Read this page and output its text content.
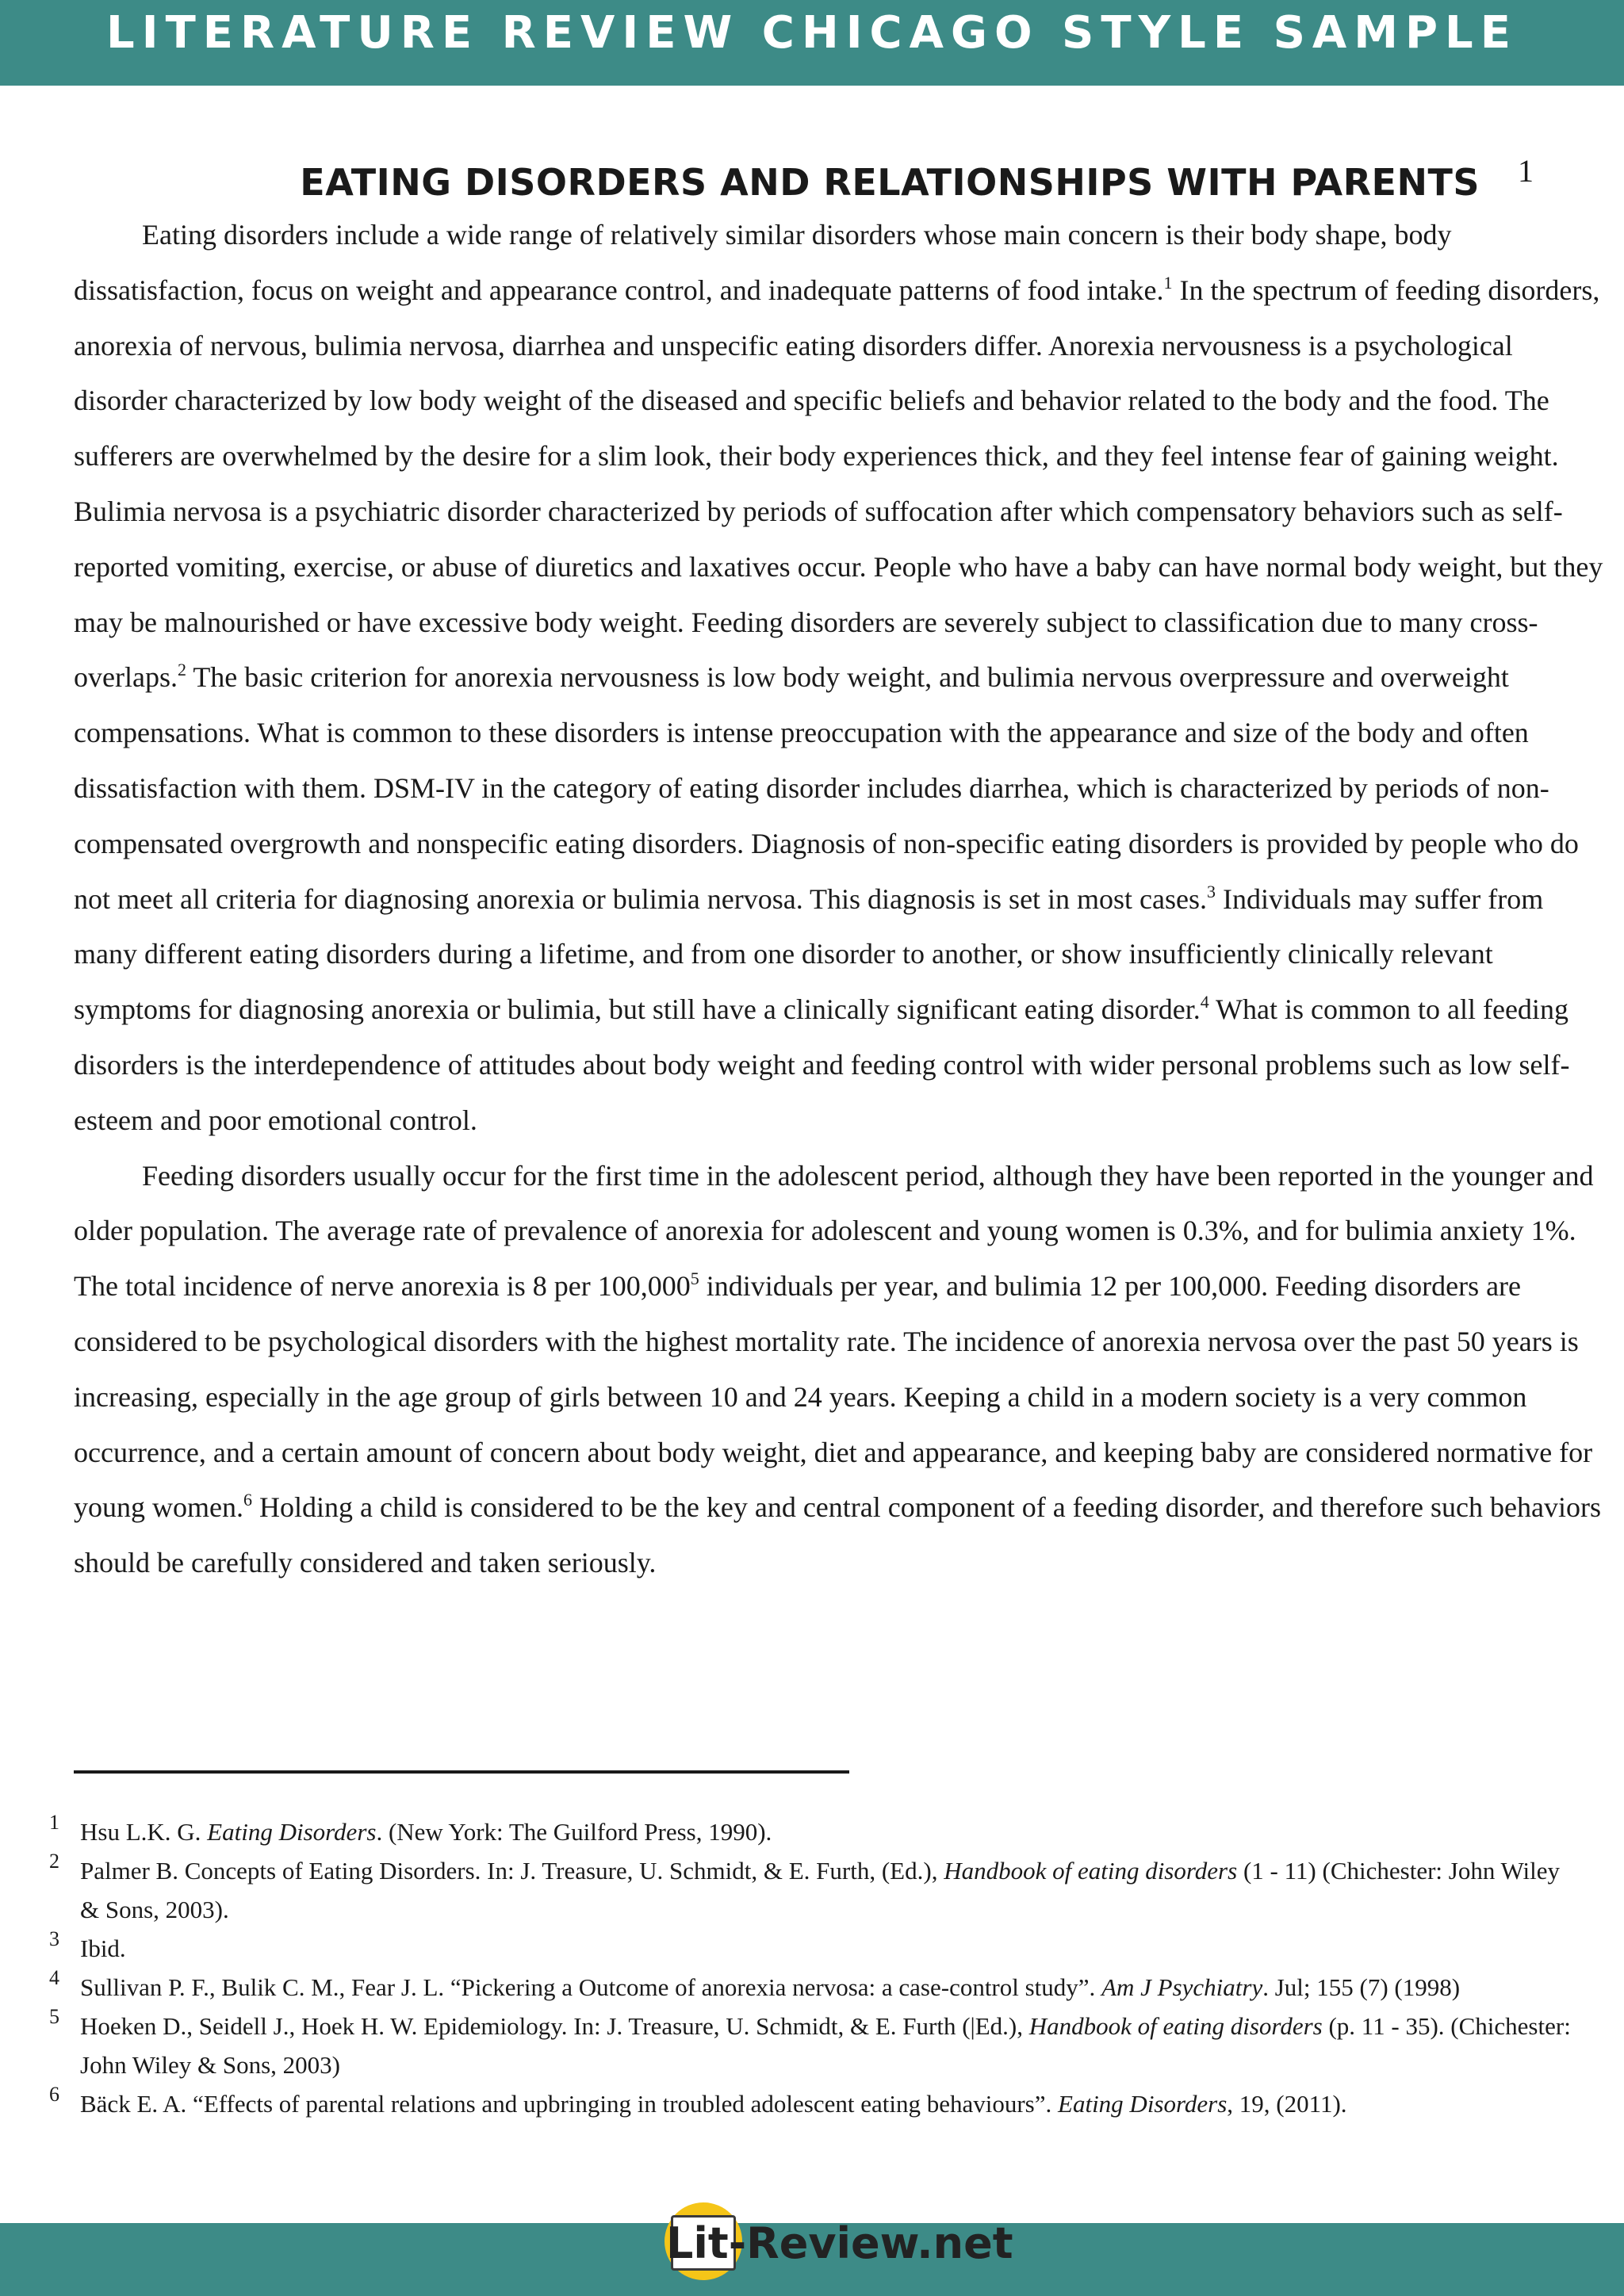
LITERATURE REVIEW CHICAGO STYLE SAMPLE
EATING DISORDERS AND RELATIONSHIPS WITH PARENTS 1

Eating disorders include a wide range of relatively similar disorders whose main concern is their body shape, body dissatisfaction, focus on weight and appearance control, and inadequate patterns of food intake.$^1$ In the spectrum of feeding disorders, anorexia of nervous, bulimia nervosa, diarrhea and unspecific eating disorders differ. Anorexia nervousness is a psychological disorder characterized by low body weight of the diseased and specific beliefs and behavior related to the body and the food. The sufferers are overwhelmed by the desire for a slim look, their body experiences thick, and they feel intense fear of gaining weight. Bulimia nervosa is a psychiatric disorder characterized by periods of suffocation after which compensatory behaviors such as self-reported vomiting, exercise, or abuse of diuretics and laxatives occur. People who have a baby can have normal body weight, but they may be malnourished or have excessive body weight. Feeding disorders are severely subject to classification due to many cross-overlaps.$^2$ The basic criterion for anorexia nervousness is low body weight, and bulimia nervous overpressure and overweight compensations. What is common to these disorders is intense preoccupation with the appearance and size of the body and often dissatisfaction with them. DSM-IV in the category of eating disorder includes diarrhea, which is characterized by periods of non-compensated overgrowth and nonspecific eating disorders. Diagnosis of non-specific eating disorders is provided by people who do not meet all criteria for diagnosing anorexia or bulimia nervosa. This diagnosis is set in most cases.$^3$ Individuals may suffer from many different eating disorders during a lifetime, and from one disorder to another, or show insufficiently clinically relevant symptoms for diagnosing anorexia or bulimia, but still have a clinically significant eating disorder.$^4$ What is common to all feeding disorders is the interdependence of attitudes about body weight and feeding control with wider personal problems such as low self-esteem and poor emotional control.

Feeding disorders usually occur for the first time in the adolescent period, although they have been reported in the younger and older population. The average rate of prevalence of anorexia for adolescent and young women is 0.3%, and for bulimia anxiety 1%. The total incidence of nerve anorexia is 8 per 100,000$^5$ individuals per year, and bulimia 12 per 100,000. Feeding disorders are considered to be psychological disorders with the highest mortality rate. The incidence of anorexia nervosa over the past 50 years is increasing, especially in the age group of girls between 10 and 24 years. Keeping a child in a modern society is a very common occurrence, and a certain amount of concern about body weight, diet and appearance, and keeping baby are considered normative for young women.$^6$ Holding a child is considered to be the key and central component of a feeding disorder, and therefore such behaviors should be carefully considered and taken seriously.

1 Hsu L.K. G. Eating Disorders. (New York: The Guilford Press, 1990).
2 Palmer B. Concepts of Eating Disorders. In: J. Treasure, U. Schmidt, & E. Furth, (Ed.), Handbook of eating disorders (1 - 11) (Chichester: John Wiley & Sons, 2003).
3 Ibid.
4 Sullivan P. F., Bulik C. M., Fear J. L. “Pickering a Outcome of anorexia nervosa: a case-control study”. Am J Psychiatry. Jul; 155 (7) (1998)
5 Hoeken D., Seidell J., Hoek H. W. Epidemiology. In: J. Treasure, U. Schmidt, & E. Furth (|Ed.), Handbook of eating disorders (p. 11 - 35). (Chichester: John Wiley & Sons, 2003)
6 Bäck E. A. “Effects of parental relations and upbringing in troubled adolescent eating behaviours”. Eating Disorders, 19, (2011).
Lit-Review.net
